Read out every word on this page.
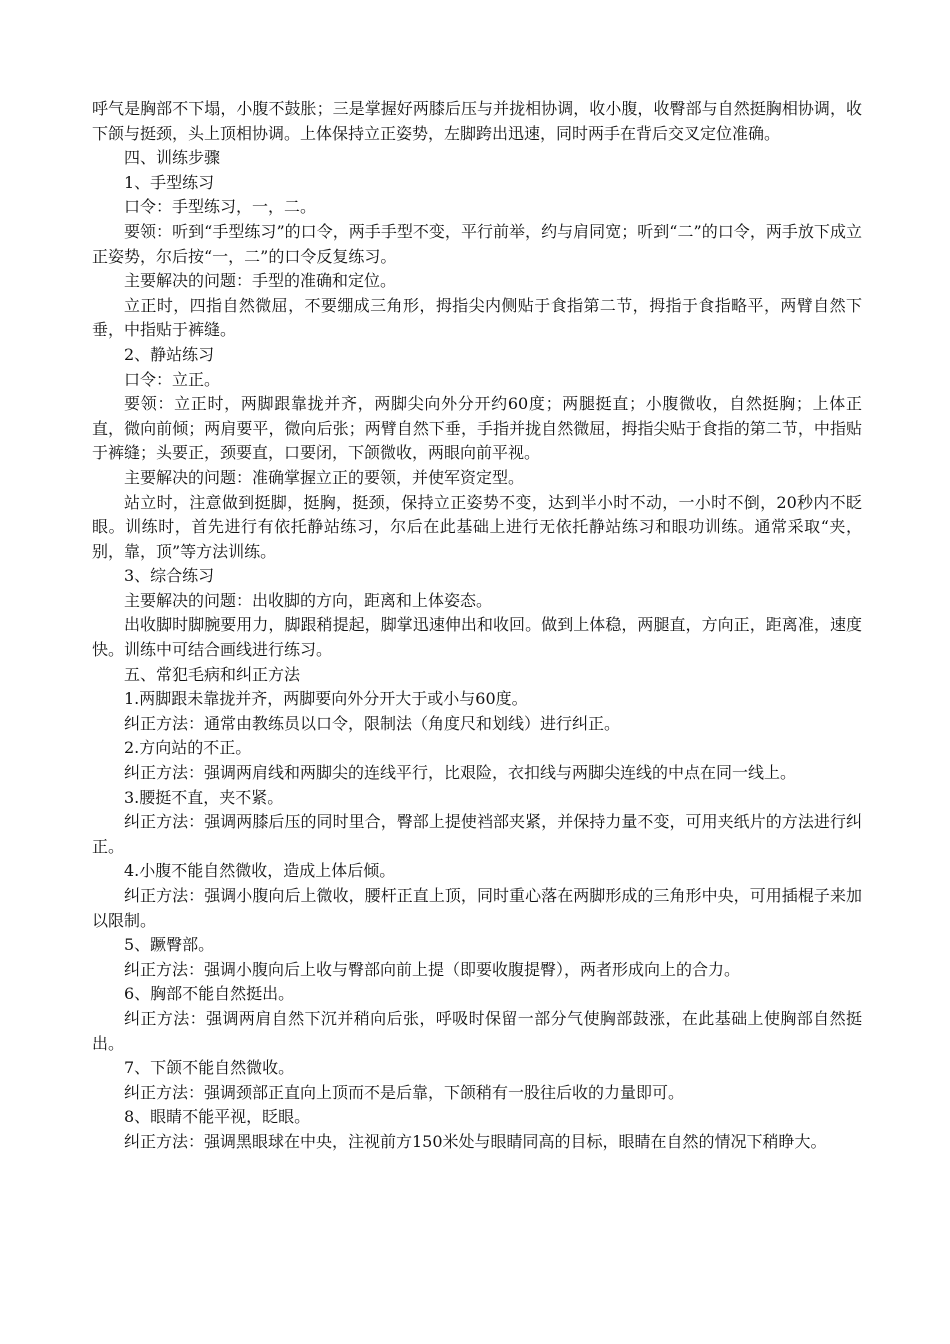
呼气是胸部不下塌，小腹不鼓胀；三是掌握好两膝后压与并拢相协调，收小腹，收臀部与自然挺胸相协调，收下颌与挺颈，头上顶相协调。上体保持立正姿势，左脚跨出迅速，同时两手在背后交叉定位准确。

四、训练步骤

1、手型练习

口令：手型练习，一，二。

要领：听到“手型练习”的口令，两手手型不变，平行前举，约与肩同宽；听到“二”的口令，两手放下成立正姿势，尔后按“一，二”的口令反复练习。

主要解决的问题：手型的准确和定位。

立正时，四指自然微屈，不要绷成三角形，拇指尖内侧贴于食指第二节，拇指于食指略平，两臂自然下垂，中指贴于裤缝。

2、静站练习

口令：立正。

要领：立正时，两脚跟靠拢并齐，两脚尖向外分开约60度；两腿挺直；小腹微收，自然挺胸；上体正直，微向前倾；两肩要平，微向后张；两臂自然下垂，手指并拢自然微屈，拇指尖贴于食指的第二节，中指贴于裤缝；头要正，颈要直，口要闭，下颌微收，两眼向前平视。

主要解决的问题：准确掌握立正的要领，并使军资定型。

站立时，注意做到挺脚，挺胸，挺颈，保持立正姿势不变，达到半小时不动，一小时不倒，20秒内不眨眼。训练时，首先进行有依托静站练习，尔后在此基础上进行无依托静站练习和眼功训练。通常采取“夹，别，靠，顶”等方法训练。

3、综合练习

主要解决的问题：出收脚的方向，距离和上体姿态。

出收脚时脚腕要用力，脚跟稍提起，脚掌迅速伸出和收回。做到上体稳，两腿直，方向正，距离准，速度快。训练中可结合画线进行练习。

五、常犯毛病和纠正方法

1.两脚跟未靠拢并齐，两脚要向外分开大于或小与60度。

纠正方法：通常由教练员以口令，限制法（角度尺和划线）进行纠正。

2.方向站的不正。

纠正方法：强调两肩线和两脚尖的连线平行，比艰险，衣扣线与两脚尖连线的中点在同一线上。

3.腰挺不直，夹不紧。

纠正方法：强调两膝后压的同时里合，臀部上提使裆部夹紧，并保持力量不变，可用夹纸片的方法进行纠正。

4.小腹不能自然微收，造成上体后倾。

纠正方法：强调小腹向后上微收，腰杆正直上顶，同时重心落在两脚形成的三角形中央，可用插棍子来加以限制。

5、蹶臀部。

纠正方法：强调小腹向后上收与臀部向前上提（即要收腹提臀），两者形成向上的合力。

6、胸部不能自然挺出。

纠正方法：强调两肩自然下沉并稍向后张，呼吸时保留一部分气使胸部鼓涨，在此基础上使胸部自然挺出。

7、下颌不能自然微收。

纠正方法：强调颈部正直向上顶而不是后靠，下颌稍有一股往后收的力量即可。

8、眼睛不能平视，眨眼。

纠正方法：强调黑眼球在中央，注视前方150米处与眼睛同高的目标，眼睛在自然的情况下稍睁大。
